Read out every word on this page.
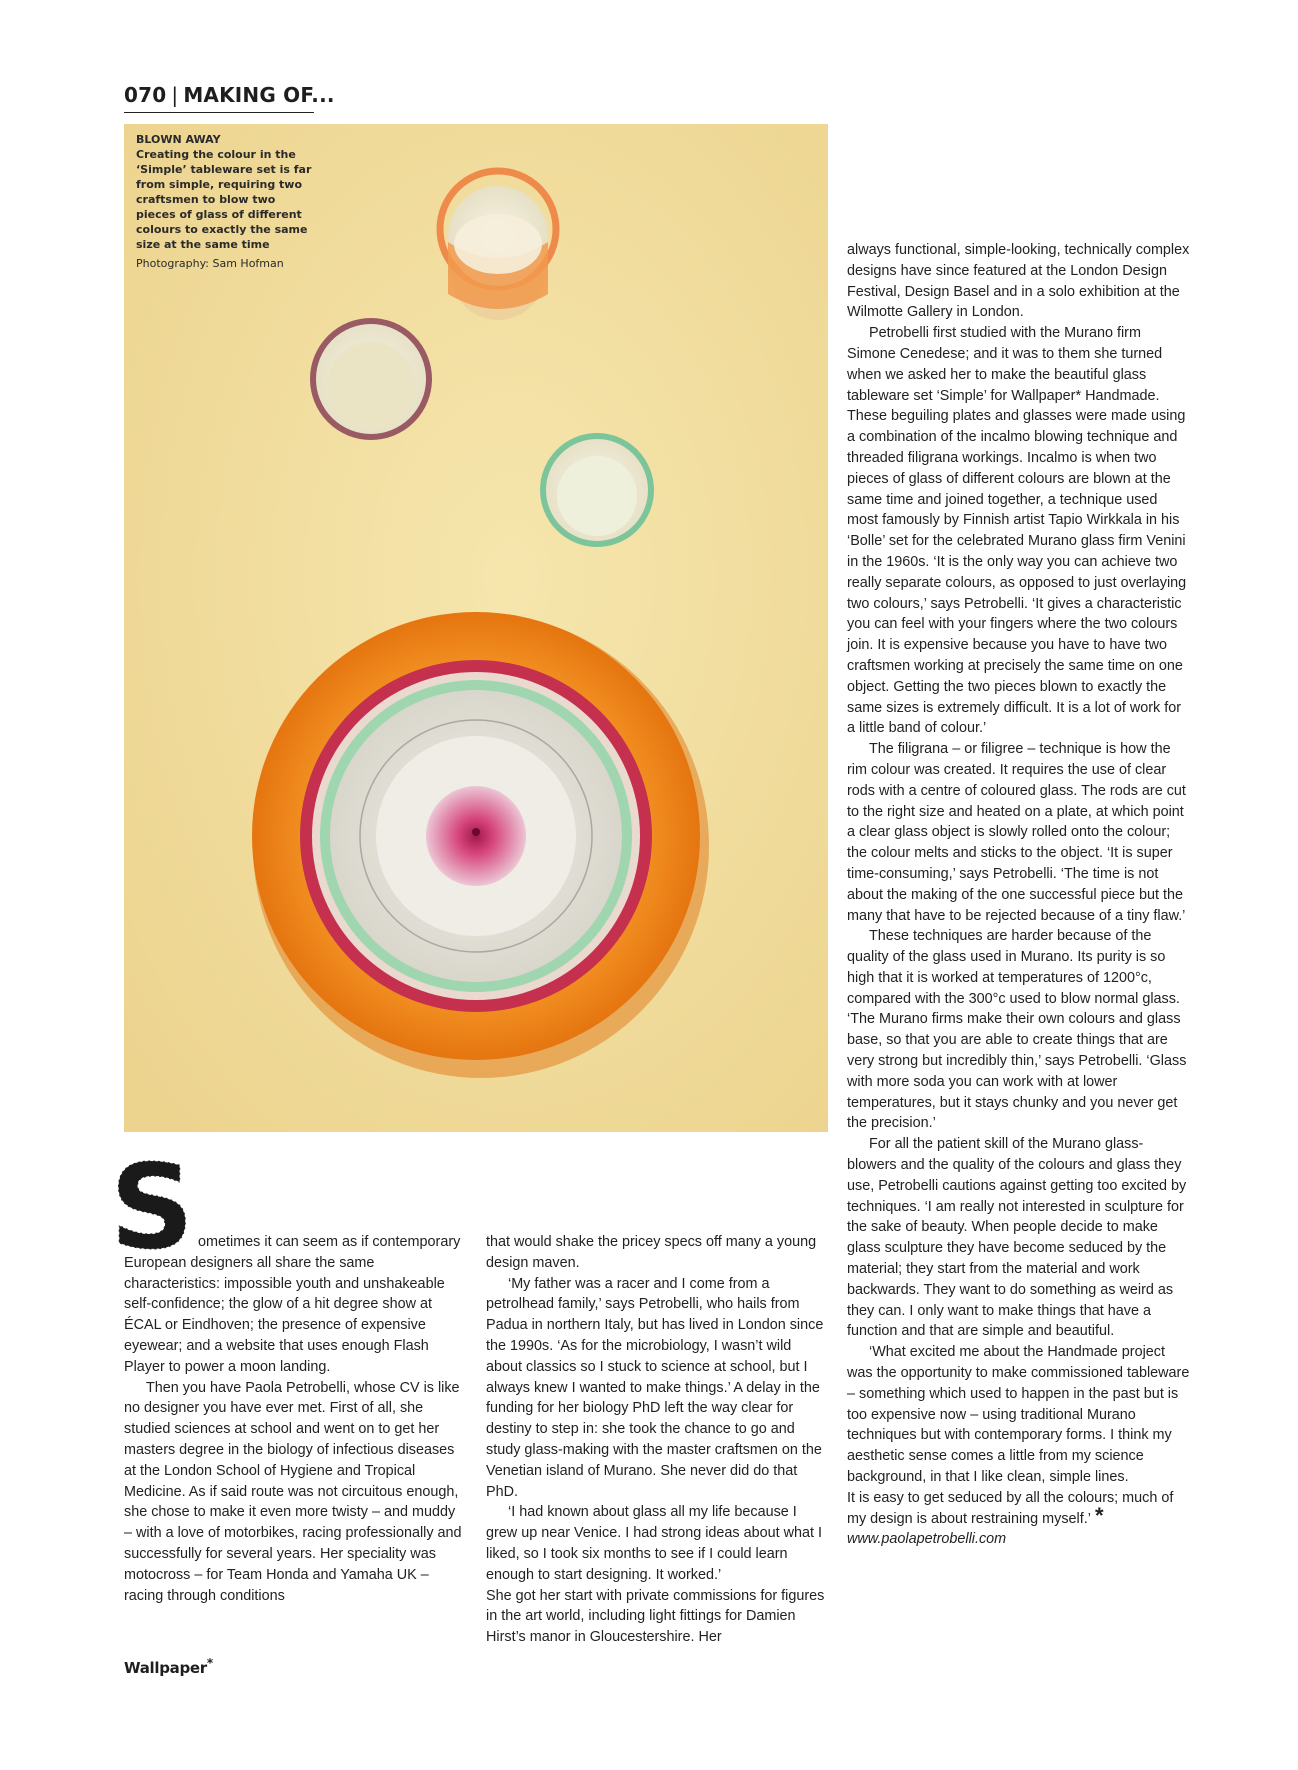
070 | MAKING OF...
BLOWN AWAY
Creating the colour in the ‘Simple’ tableware set is far from simple, requiring two craftsmen to blow two pieces of glass of different colours to exactly the same size at the same time
Photography: Sam Hofman
S ometimes it can seem as if contemporary European designers all share the same characteristics: impossible youth and unshakeable self-confidence; the glow of a hit degree show at ÉCAL or Eindhoven; the presence of expensive eyewear; and a website that uses enough Flash Player to power a moon landing.

Then you have Paola Petrobelli, whose CV is like no designer you have ever met. First of all, she studied sciences at school and went on to get her masters degree in the biology of infectious diseases at the London School of Hygiene and Tropical Medicine. As if said route was not circuitous enough, she chose to make it even more twisty – and muddy – with a love of motorbikes, racing professionally and successfully for several years. Her speciality was motocross – for Team Honda and Yamaha UK – racing through conditions

that would shake the pricey specs off many a young design maven.

‘My father was a racer and I come from a petrolhead family,’ says Petrobelli, who hails from Padua in northern Italy, but has lived in London since the 1990s. ‘As for the microbiology, I wasn’t wild about classics so I stuck to science at school, but I always knew I wanted to make things.’ A delay in the funding for her biology PhD left the way clear for destiny to step in: she took the chance to go and study glass-making with the master craftsmen on the Venetian island of Murano. She never did do that PhD.

‘I had known about glass all my life because I grew up near Venice. I had strong ideas about what I liked, so I took six months to see if I could learn enough to start designing. It worked.’

She got her start with private commissions for figures in the art world, including light fittings for Damien Hirst’s manor in Gloucestershire. Her

always functional, simple-looking, technically complex designs have since featured at the London Design Festival, Design Basel and in a solo exhibition at the Wilmotte Gallery in London.

Petrobelli first studied with the Murano firm Simone Cenedese; and it was to them she turned when we asked her to make the beautiful glass tableware set ‘Simple’ for Wallpaper* Handmade. These beguiling plates and glasses were made using a combination of the incalmo blowing technique and threaded filigrana workings. Incalmo is when two pieces of glass of different colours are blown at the same time and joined together, a technique used most famously by Finnish artist Tapio Wirkkala in his ‘Bolle’ set for the celebrated Murano glass firm Venini in the 1960s. ‘It is the only way you can achieve two really separate colours, as opposed to just overlaying two colours,’ says Petrobelli. ‘It gives a characteristic you can feel with your fingers where the two colours join. It is expensive because you have to have two craftsmen working at precisely the same time on one object. Getting the two pieces blown to exactly the same sizes is extremely difficult. It is a lot of work for a little band of colour.’

The filigrana – or filigree – technique is how the rim colour was created. It requires the use of clear rods with a centre of coloured glass. The rods are cut to the right size and heated on a plate, at which point a clear glass object is slowly rolled onto the colour; the colour melts and sticks to the object. ‘It is super time-consuming,’ says Petrobelli. ‘The time is not about the making of the one successful piece but the many that have to be rejected because of a tiny flaw.’

These techniques are harder because of the quality of the glass used in Murano. Its purity is so high that it is worked at temperatures of 1200°c, compared with the 300°c used to blow normal glass. ‘The Murano firms make their own colours and glass base, so that you are able to create things that are very strong but incredibly thin,’ says Petrobelli. ‘Glass with more soda you can work with at lower temperatures, but it stays chunky and you never get the precision.’

For all the patient skill of the Murano glass-blowers and the quality of the colours and glass they use, Petrobelli cautions against getting too excited by techniques. ‘I am really not interested in sculpture for the sake of beauty. When people decide to make glass sculpture they have become seduced by the material; they start from the material and work backwards. They want to do something as weird as they can. I only want to make things that have a function and that are simple and beautiful.

‘What excited me about the Handmade project was the opportunity to make commissioned tableware – something which used to happen in the past but is too expensive now – using traditional Murano techniques but with contemporary forms. I think my aesthetic sense comes a little from my science background, in that I like clean, simple lines.

It is easy to get seduced by all the colours; much of my design is about restraining myself.’ *

www.paolapetrobelli.com

Wallpaper*
